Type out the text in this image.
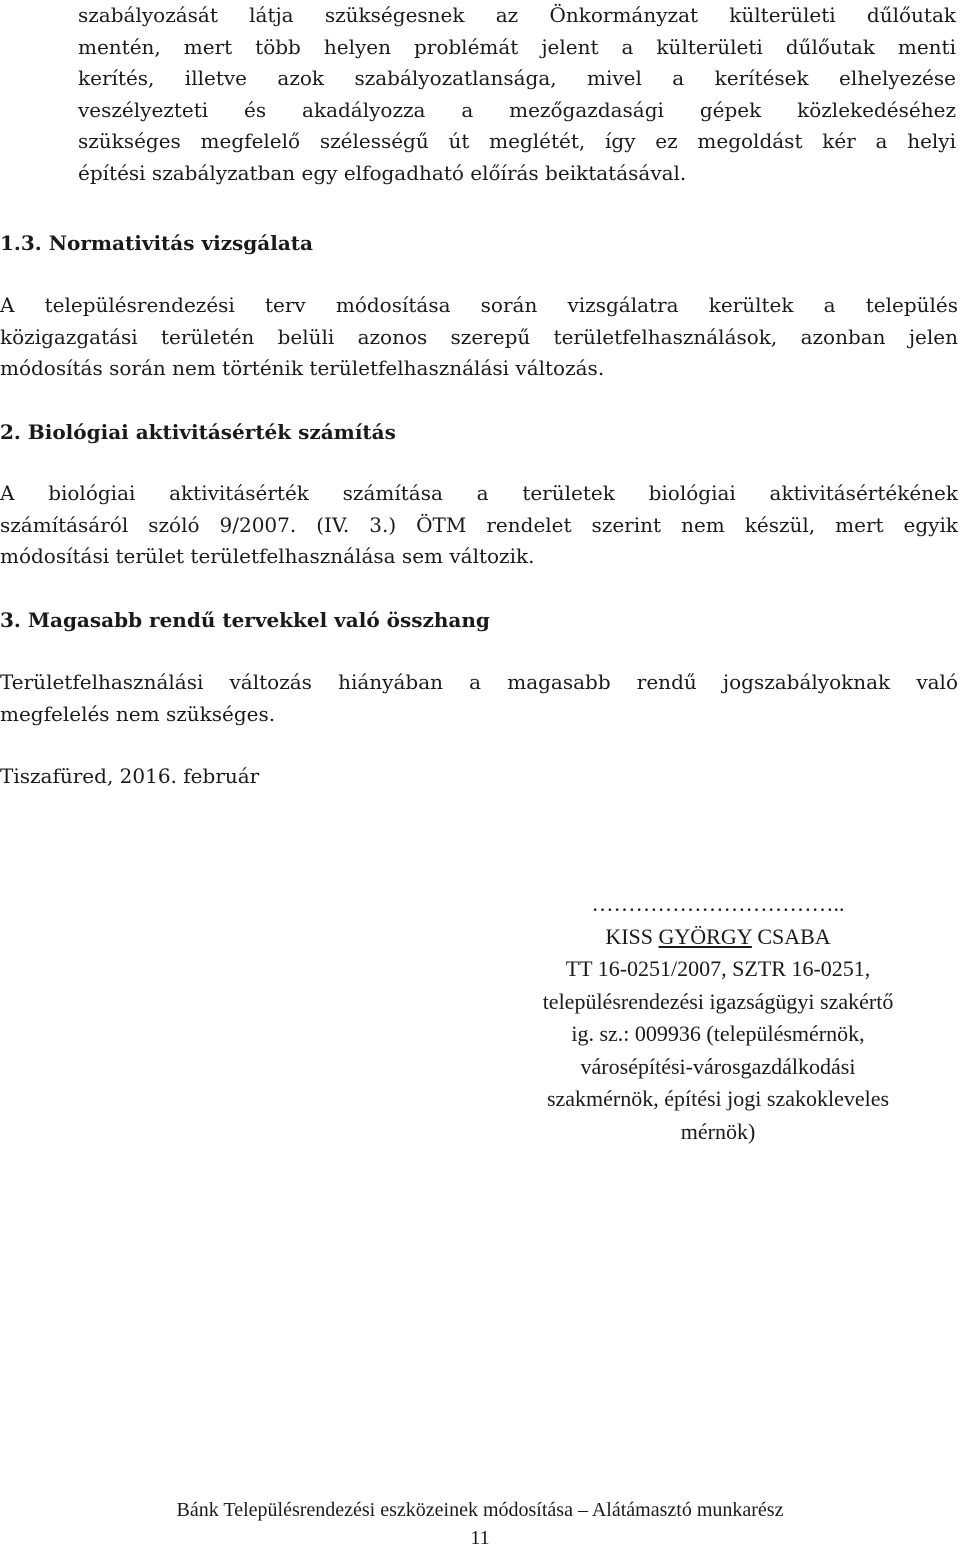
szabályozását látja szükségesnek az Önkormányzat külterületi dűlőutak
mentén, mert több helyen problémát jelent a külterületi dűlőutak menti
kerítés, illetve azok szabályozatlansága, mivel a kerítések elhelyezése
veszélyezteti és akadályozza a mezőgazdasági gépek közlekedéséhez
szükséges megfelelő szélességű út meglétét, így ez megoldást kér a helyi
építési szabályzatban egy elfogadható előírás beiktatásával.
1.3. Normativitás vizsgálata
A településrendezési terv módosítása során vizsgálatra kerültek a település
közigazgatási területén belüli azonos szerepű területfelhasználások, azonban jelen
módosítás során nem történik területfelhasználási változás.
2. Biológiai aktivitásérték számítás
A biológiai aktivitásérték számítása a területek biológiai aktivitásértékének
számításáról szóló 9/2007. (IV. 3.) ÖTM rendelet szerint nem készül, mert egyik
módosítási terület területfelhasználása sem változik.
3. Magasabb rendű tervekkel való összhang
Területfelhasználási változás hiányában a magasabb rendű jogszabályoknak való
megfelelés nem szükséges.
Tiszafüred, 2016. február
……………………………..
KISS GYÖRGY CSABA
TT 16-0251/2007, SZTR 16-0251,
településrendezési igazságügyi szakértő
ig. sz.: 009936 (településmérnök,
városépítési-városgazdálkodási
szakmérnök, építési jogi szakokleveles
mérnök)
Bánk Településrendezési eszközeinek módosítása – Alátámasztó munkarész
11
